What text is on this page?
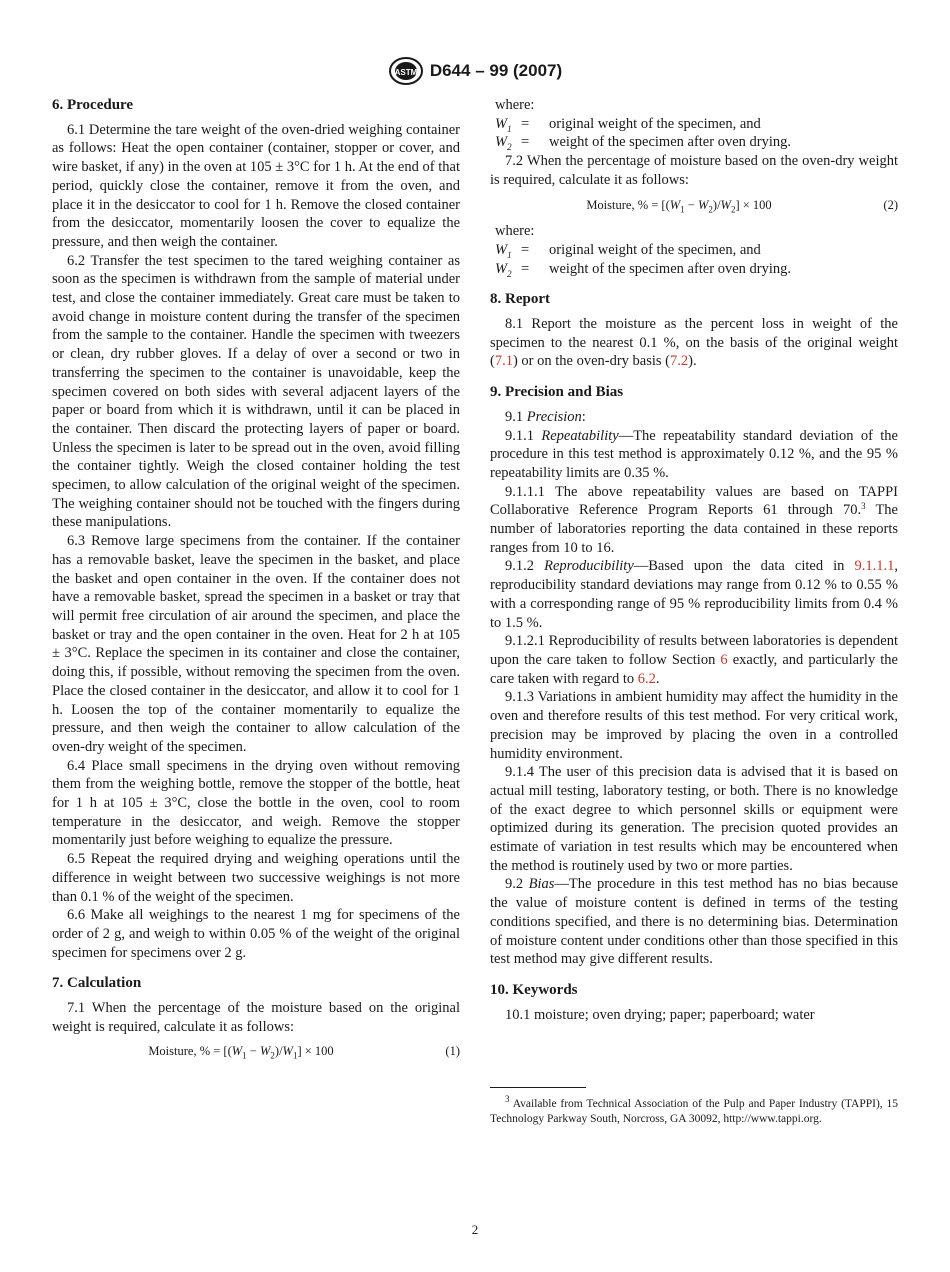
ASTM D644 – 99 (2007)
6. Procedure

6.1 Determine the tare weight of the oven-dried weighing container as follows: Heat the open container (container, stopper or cover, and wire basket, if any) in the oven at 105 ± 3°C for 1 h. At the end of that period, quickly close the container, remove it from the oven, and place it in the desiccator to cool for 1 h. Remove the closed container from the desiccator, momentarily loosen the cover to equalize the pressure, and then weigh the container.

6.2 Transfer the test specimen to the tared weighing container as soon as the specimen is withdrawn from the sample of material under test, and close the container immediately. Great care must be taken to avoid change in moisture content during the transfer of the specimen from the sample to the container. Handle the specimen with tweezers or clean, dry rubber gloves. If a delay of over a second or two in transferring the specimen to the container is unavoidable, keep the specimen covered on both sides with several adjacent layers of the paper or board from which it is withdrawn, until it can be placed in the container. Then discard the protecting layers of paper or board. Unless the specimen is later to be spread out in the oven, avoid filling the container tightly. Weigh the closed container holding the test specimen, to allow calculation of the original weight of the specimen. The weighing container should not be touched with the fingers during these manipulations.

6.3 Remove large specimens from the container. If the container has a removable basket, leave the specimen in the basket, and place the basket and open container in the oven. If the container does not have a removable basket, spread the specimen in a basket or tray that will permit free circulation of air around the specimen, and place the basket or tray and the open container in the oven. Heat for 2 h at 105 ± 3°C. Replace the specimen in its container and close the container, doing this, if possible, without removing the specimen from the oven. Place the closed container in the desiccator, and allow it to cool for 1 h. Loosen the top of the container momentarily to equalize the pressure, and then weigh the container to allow calculation of the oven-dry weight of the specimen.

6.4 Place small specimens in the drying oven without removing them from the weighing bottle, remove the stopper of the bottle, heat for 1 h at 105 ± 3°C, close the bottle in the oven, cool to room temperature in the desiccator, and weigh. Remove the stopper momentarily just before weighing to equalize the pressure.

6.5 Repeat the required drying and weighing operations until the difference in weight between two successive weighings is not more than 0.1 % of the weight of the specimen.

6.6 Make all weighings to the nearest 1 mg for specimens of the order of 2 g, and weigh to within 0.05 % of the weight of the original specimen for specimens over 2 g.

7. Calculation

7.1 When the percentage of the moisture based on the original weight is required, calculate it as follows:

Moisture, % = $[(W_1 - W_2)/W_1] \times 100$	(1)
where:
$W_1$ =	original weight of the specimen, and
$W_2$ =	weight of the specimen after oven drying.

7.2 When the percentage of moisture based on the oven-dry weight is required, calculate it as follows:

Moisture, % = $[(W_1 - W_2)/W_2] \times 100$	(2)
where:
$W_1$ =	original weight of the specimen, and
$W_2$ =	weight of the specimen after oven drying.
8. Report

8.1 Report the moisture as the percent loss in weight of the specimen to the nearest 0.1 %, on the basis of the original weight (7.1) or on the oven-dry basis (7.2).

9. Precision and Bias

9.1 Precision:

9.1.1 Repeatability—The repeatability standard deviation of the procedure in this test method is approximately 0.12 %, and the 95 % repeatability limits are 0.35 %.

9.1.1.1 The above repeatability values are based on TAPPI Collaborative Reference Program Reports 61 through 70.$^3$ The number of laboratories reporting the data contained in these reports ranges from 10 to 16.

9.1.2 Reproducibility—Based upon the data cited in 9.1.1.1, reproducibility standard deviations may range from 0.12 % to 0.55 % with a corresponding range of 95 % reproducibility limits from 0.4 % to 1.5 %.

9.1.2.1 Reproducibility of results between laboratories is dependent upon the care taken to follow Section 6 exactly, and particularly the care taken with regard to 6.2.

9.1.3 Variations in ambient humidity may affect the humidity in the oven and therefore results of this test method. For very critical work, precision may be improved by placing the oven in a controlled humidity environment.

9.1.4 The user of this precision data is advised that it is based on actual mill testing, laboratory testing, or both. There is no knowledge of the exact degree to which personnel skills or equipment were optimized during its generation. The precision quoted provides an estimate of variation in test results which may be encountered when the method is routinely used by two or more parties.

9.2 Bias—The procedure in this test method has no bias because the value of moisture content is defined in terms of the testing conditions specified, and there is no determining bias. Determination of moisture content under conditions other than those specified in this test method may give different results.

10. Keywords

10.1 moisture; oven drying; paper; paperboard; water

$^3$ Available from Technical Association of the Pulp and Paper Industry (TAPPI), 15 Technology Parkway South, Norcross, GA 30092, http://www.tappi.org.
2
